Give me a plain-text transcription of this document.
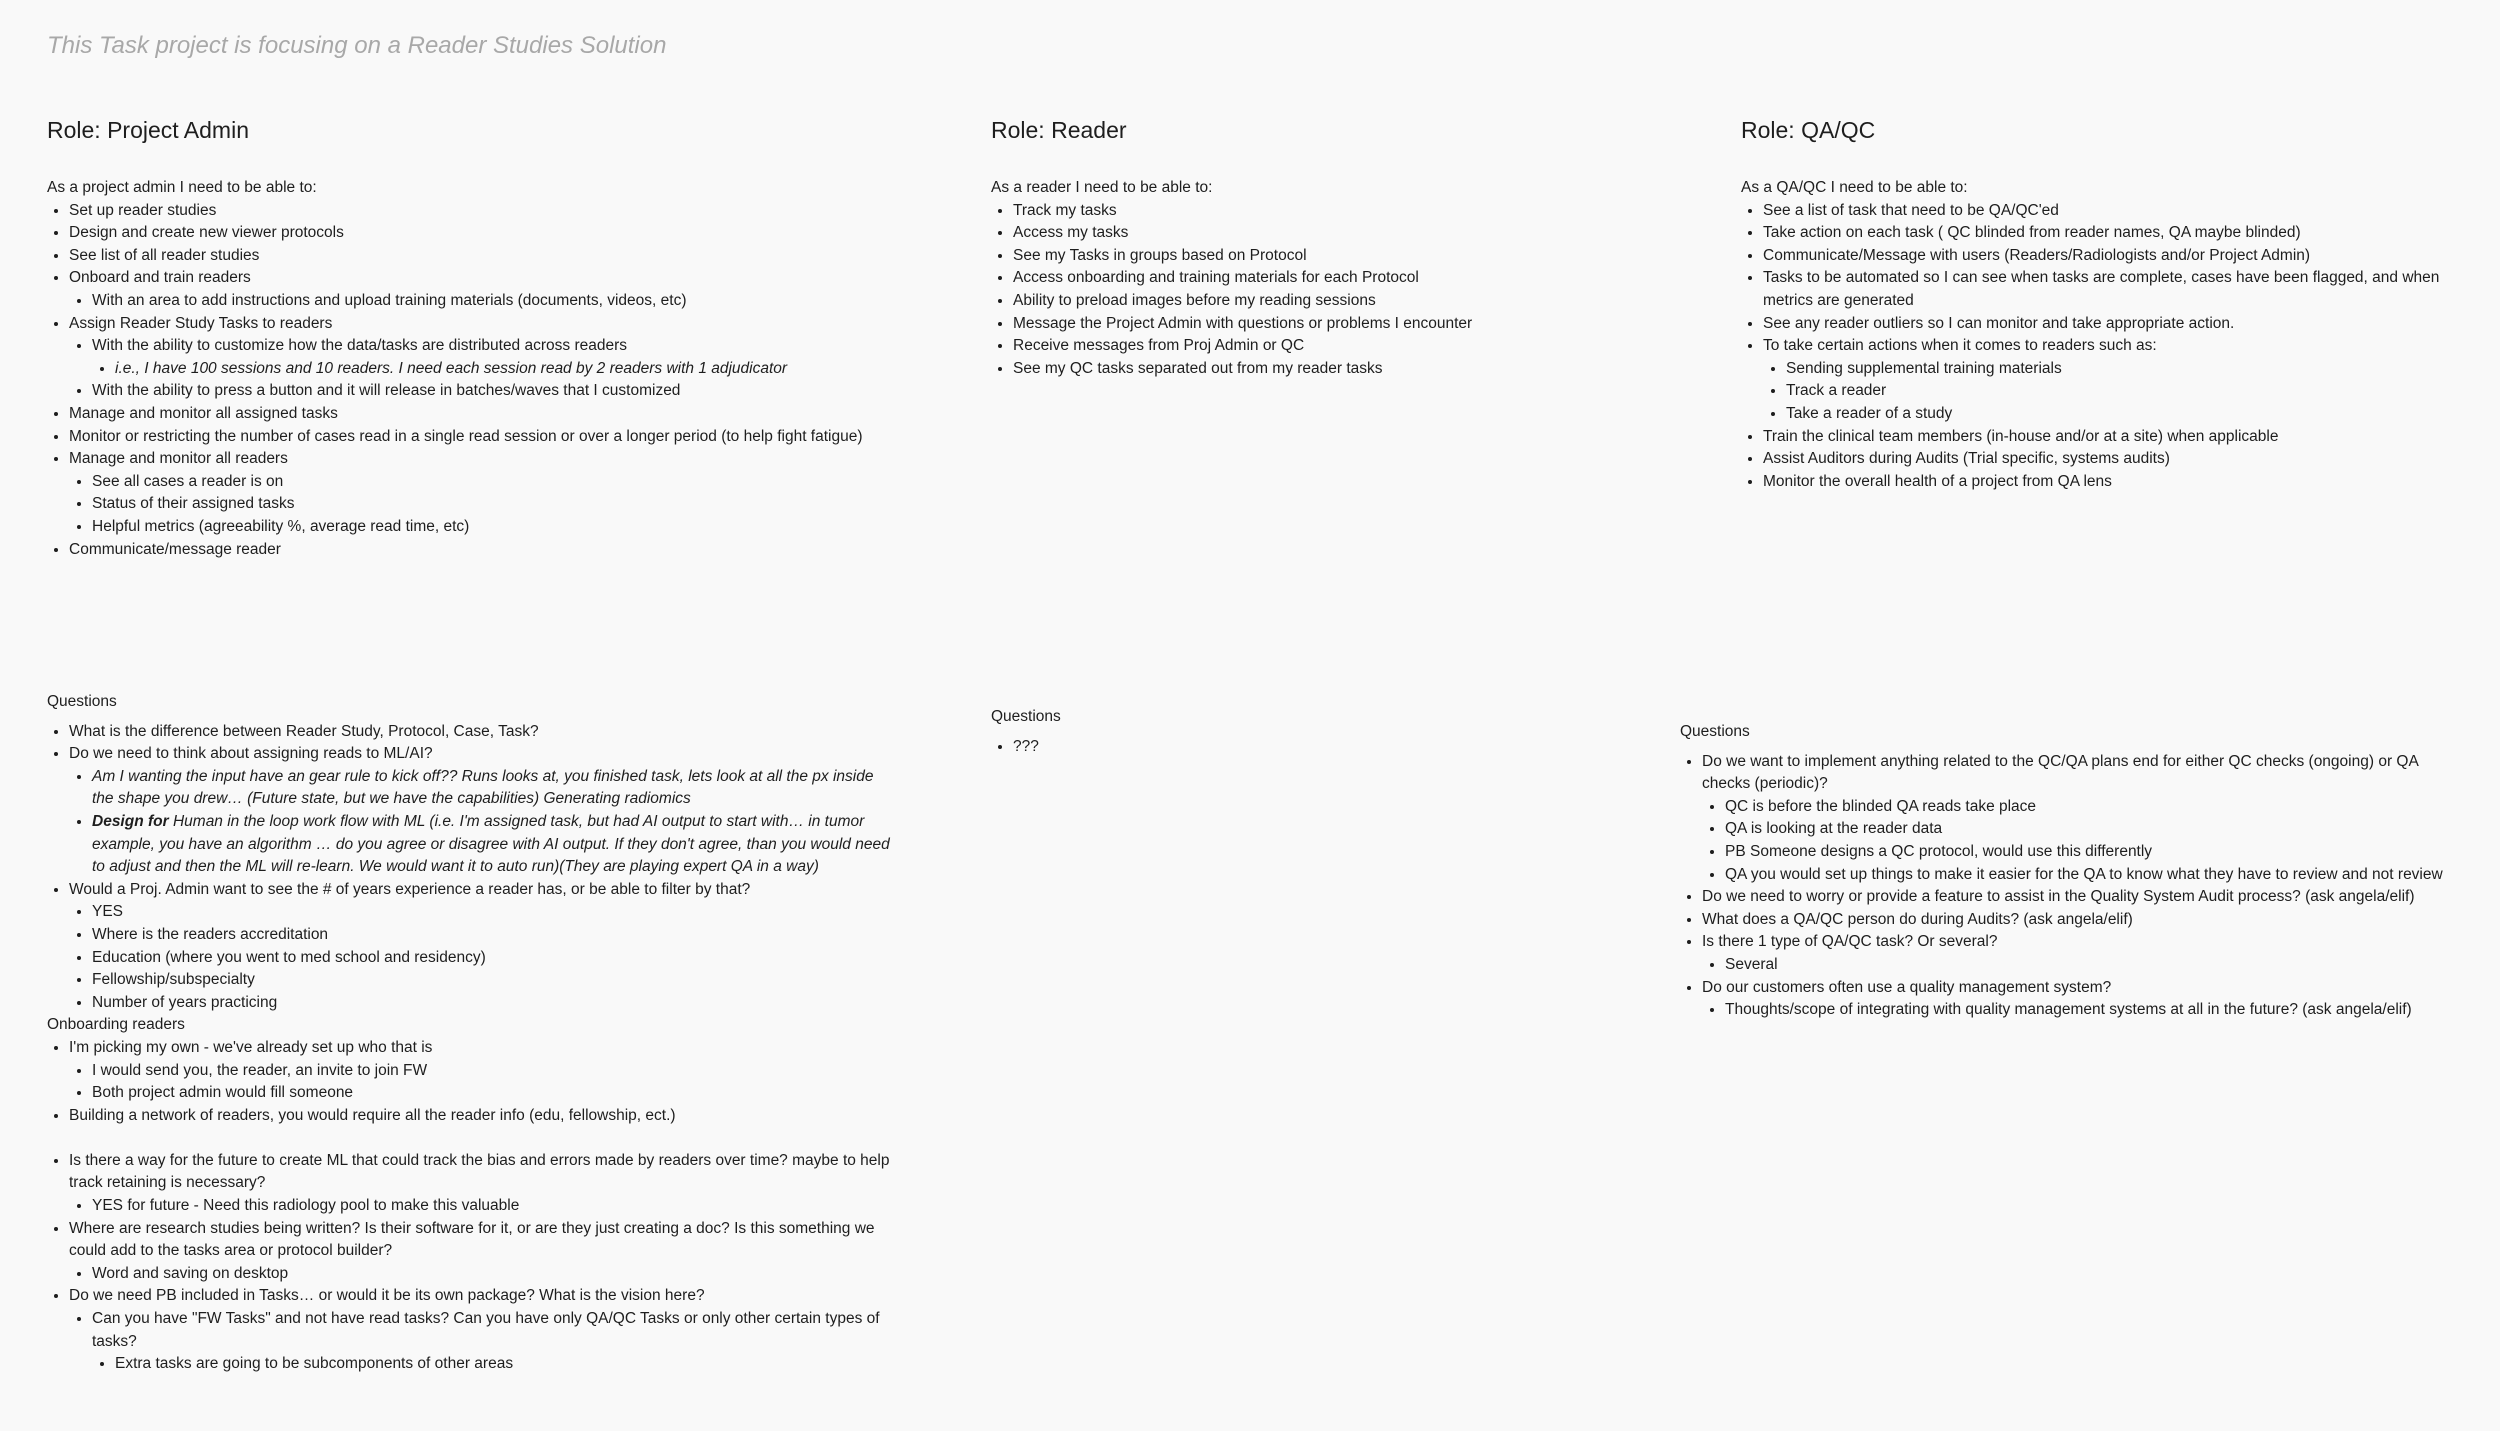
This Task project is focusing on a Reader Studies Solution
Role: Project Admin

As a project admin I need to be able to:

• Set up reader studies
• Design and create new viewer protocols
• See list of all reader studies
• Onboard and train readers
• With an area to add instructions and upload training materials (documents, videos, etc)
• Assign Reader Study Tasks to readers
• With the ability to customize how the data/tasks are distributed across readers
• i.e., I have 100 sessions and 10 readers. I need each session read by 2 readers with 1 adjudicator
• With the ability to press a button and it will release in batches/waves that I customized
• Manage and monitor all assigned tasks
• Monitor or restricting the number of cases read in a single read session or over a longer period (to help fight fatigue)
• Manage and monitor all readers
• See all cases a reader is on
• Status of their assigned tasks
• Helpful metrics (agreeability %, average read time, etc)
• Communicate/message reader
Role: Reader

As a reader I need to be able to:

• Track my tasks
• Access my tasks
• See my Tasks in groups based on Protocol
• Access onboarding and training materials for each Protocol
• Ability to preload images before my reading sessions
• Message the Project Admin with questions or problems I encounter
• Receive messages from Proj Admin or QC
• See my QC tasks separated out from my reader tasks
Role: QA/QC

As a QA/QC I need to be able to:

• See a list of task that need to be QA/QC'ed
• Take action on each task ( QC blinded from reader names, QA maybe blinded)
• Communicate/Message with users (Readers/Radiologists and/or Project Admin)
• Tasks to be automated so I can see when tasks are complete, cases have been flagged, and when metrics are generated
• See any reader outliers so I can monitor and take appropriate action.
• To take certain actions when it comes to readers such as:
• Sending supplemental training materials
• Track a reader
• Take a reader of a study
• Train the clinical team members (in-house and/or at a site) when applicable
• Assist Auditors during Audits (Trial specific, systems audits)
• Monitor the overall health of a project from QA lens

Questions

• What is the difference between Reader Study, Protocol, Case, Task?
• Do we need to think about assigning reads to ML/AI?
• Am I wanting the input have an gear rule to kick off?? Runs looks at, you finished task, lets look at all the px inside the shape you drew… (Future state, but we have the capabilities) Generating radiomics
• Design for Human in the loop work flow with ML (i.e. I'm assigned task, but had AI output to start with… in tumor example, you have an algorithm … do you agree or disagree with AI output. If they don't agree, than you would need to adjust and then the ML will re-learn. We would want it to auto run)(They are playing expert QA in a way)
• Would a Proj. Admin want to see the # of years experience a reader has, or be able to filter by that?
• YES
• Where is the readers accreditation
• Education (where you went to med school and residency)
• Fellowship/subspecialty
• Number of years practicing

Onboarding readers

• I'm picking my own - we've already set up who that is
• I would send you, the reader, an invite to join FW
• Both project admin would fill someone
• Building a network of readers, you would require all the reader info (edu, fellowship, ect.)
• Is there a way for the future to create ML that could track the bias and errors made by readers over time? maybe to help track retaining is necessary?
• YES for future - Need this radiology pool to make this valuable
• Where are research studies being written? Is their software for it, or are they just creating a doc? Is this something we could add to the tasks area or protocol builder?
• Word and saving on desktop
• Do we need PB included in Tasks… or would it be its own package? What is the vision here?
• Can you have "FW Tasks" and not have read tasks? Can you have only QA/QC Tasks or only other certain types of tasks?
• Extra tasks are going to be subcomponents of other areas

Questions

• ???

Questions

• Do we want to implement anything related to the QC/QA plans end for either QC checks (ongoing) or QA checks (periodic)?
• QC is before the blinded QA reads take place
• QA is looking at the reader data
• PB Someone designs a QC protocol, would use this differently
• QA you would set up things to make it easier for the QA to know what they have to review and not review
• Do we need to worry or provide a feature to assist in the Quality System Audit process? (ask angela/elif)
• What does a QA/QC person do during Audits? (ask angela/elif)
• Is there 1 type of QA/QC task? Or several?
• Several
• Do our customers often use a quality management system?
• Thoughts/scope of integrating with quality management systems at all in the future? (ask angela/elif)
